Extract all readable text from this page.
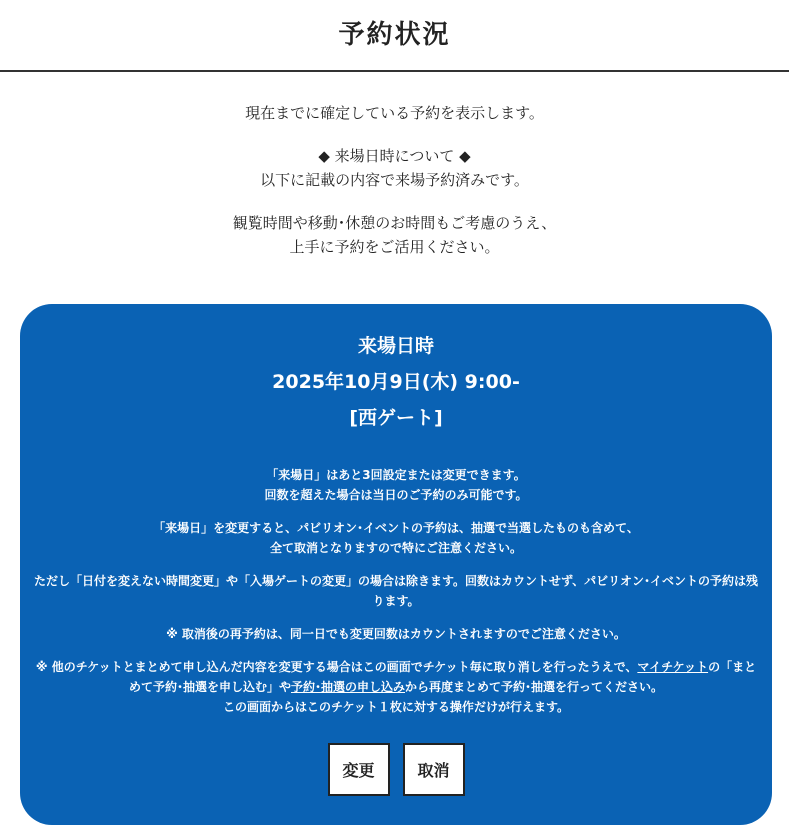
予約状況

現在までに確定している予約を表示します。

◆ 来場日時について ◆
以下に記載の内容で来場予約済みです。

観覧時間や移動･休憩のお時間もご考慮のうえ、
上手に予約をご活用ください。

来場日時
2025年10月9日(木) 9:00-
[西ゲート]

「来場日」はあと3回設定または変更できます。
回数を超えた場合は当日のご予約のみ可能です。

「来場日」を変更すると、パビリオン･イベントの予約は、抽選で当選したものも含めて、
全て取消となりますので特にご注意ください。

ただし「日付を変えない時間変更」や「入場ゲートの変更」の場合は除きます。回数はカウントせず、パビリオン･イベントの予約は残ります。

※ 取消後の再予約は、同一日でも変更回数はカウントされますのでご注意ください。

※ 他のチケットとまとめて申し込んだ内容を変更する場合はこの画面でチケット毎に取り消しを行ったうえで、マイチケットの「まとめて予約･抽選を申し込む」や予約･抽選の申し込みから再度まとめて予約･抽選を行ってください。
この画面からはこのチケット１枚に対する操作だけが行えます。

変更	取消
